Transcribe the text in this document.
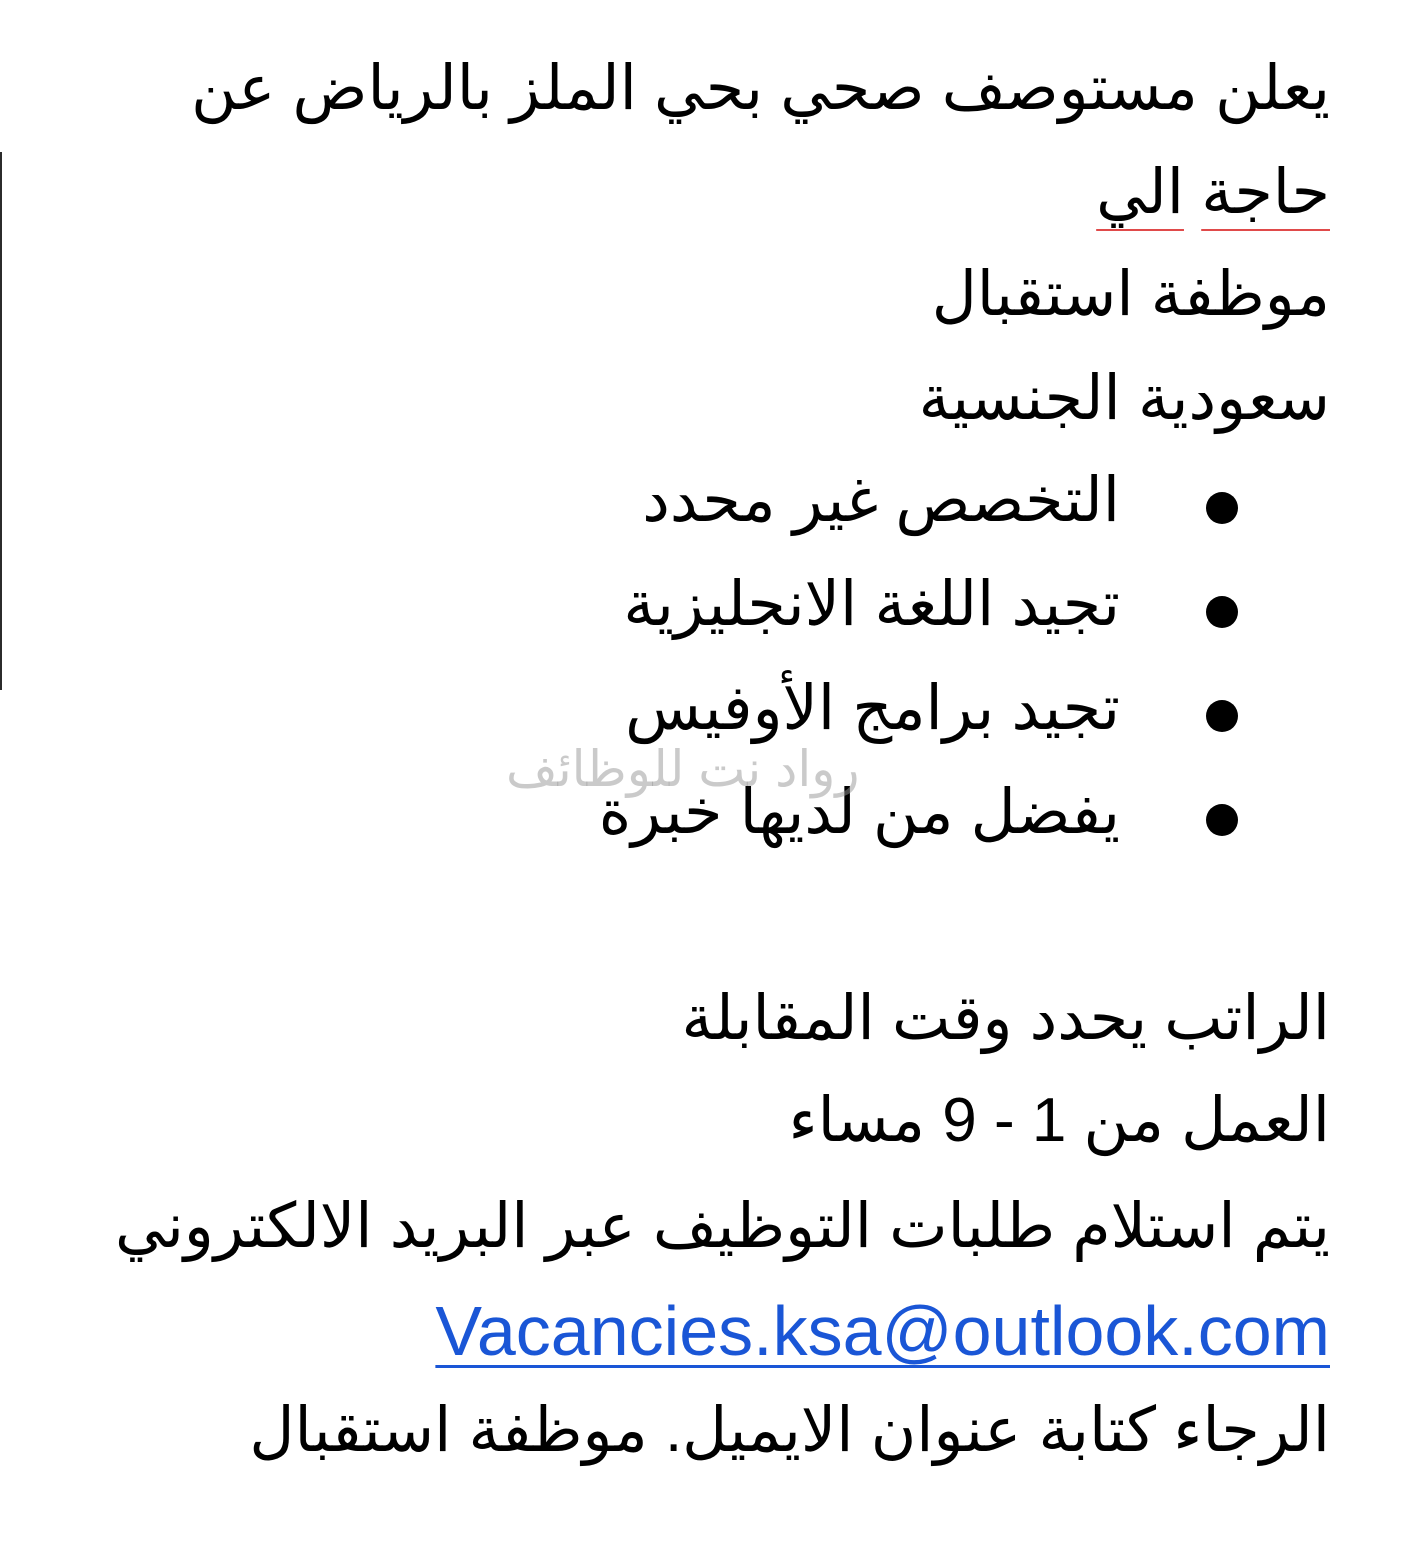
يعلن مستوصف صحي بحي الملز بالرياض عن

حاجة الي

موظفة استقبال

سعودية الجنسية

التخصص غير محدد
تجيد اللغة الانجليزية
تجيد برامج الأوفيس
يفضل من لديها خبرة
رواد نت للوظائف

الراتب يحدد وقت المقابلة

العمل من 1 - 9 مساء

يتم استلام طلبات التوظيف عبر البريد الالكتروني

Vacancies.ksa@outlook.com

الرجاء كتابة عنوان الايميل. موظفة استقبال
